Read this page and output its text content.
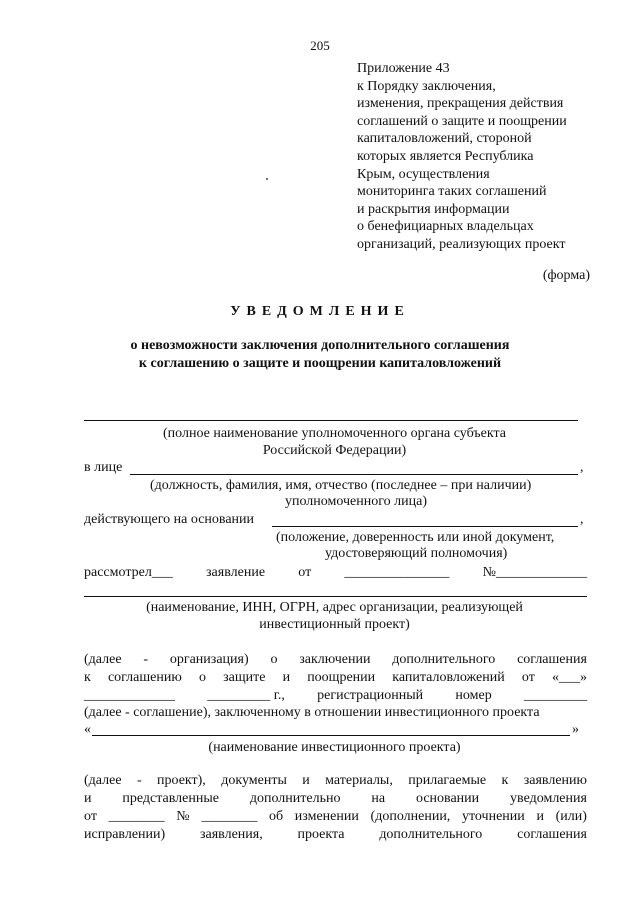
205
Приложение 43
к Порядку заключения,
изменения, прекращения действия
соглашений о защите и поощрении
капиталовложений, стороной
которых является Республика
Крым, осуществления
мониторинга таких соглашений
и раскрытия информации
о бенефициарных владельцах
организаций, реализующих проект
(форма)
УВЕДОМЛЕНИЕ
о невозможности заключения дополнительного соглашения
к соглашению о защите и поощрении капиталовложений
(полное наименование уполномоченного органа субъекта
Российской Федерации)
в лице	,
(должность, фамилия, имя, отчество (последнее – при наличии)
уполномоченного лица)
действующего на основании	,
(положение, доверенность или иной документ,
удостоверяющий полномочия)
рассмотрел___ заявление от _______________ №_____________
(наименование, ИНН, ОГРН, адрес организации, реализующей
инвестиционный проект)
(далее - организация) о заключении дополнительного соглашения
к соглашению о защите и поощрении капиталовложений от «___»
_____________ _________ г., регистрационный номер _________
(далее - соглашение), заключенному в отношении инвестиционного проекта
«	»
(наименование инвестиционного проекта)
(далее - проект), документы и материалы, прилагаемые к заявлению
и представленные дополнительно на основании уведомления
от ________ № ________ об изменении (дополнении, уточнении и (или)
исправлении) заявления, проекта дополнительного соглашения
